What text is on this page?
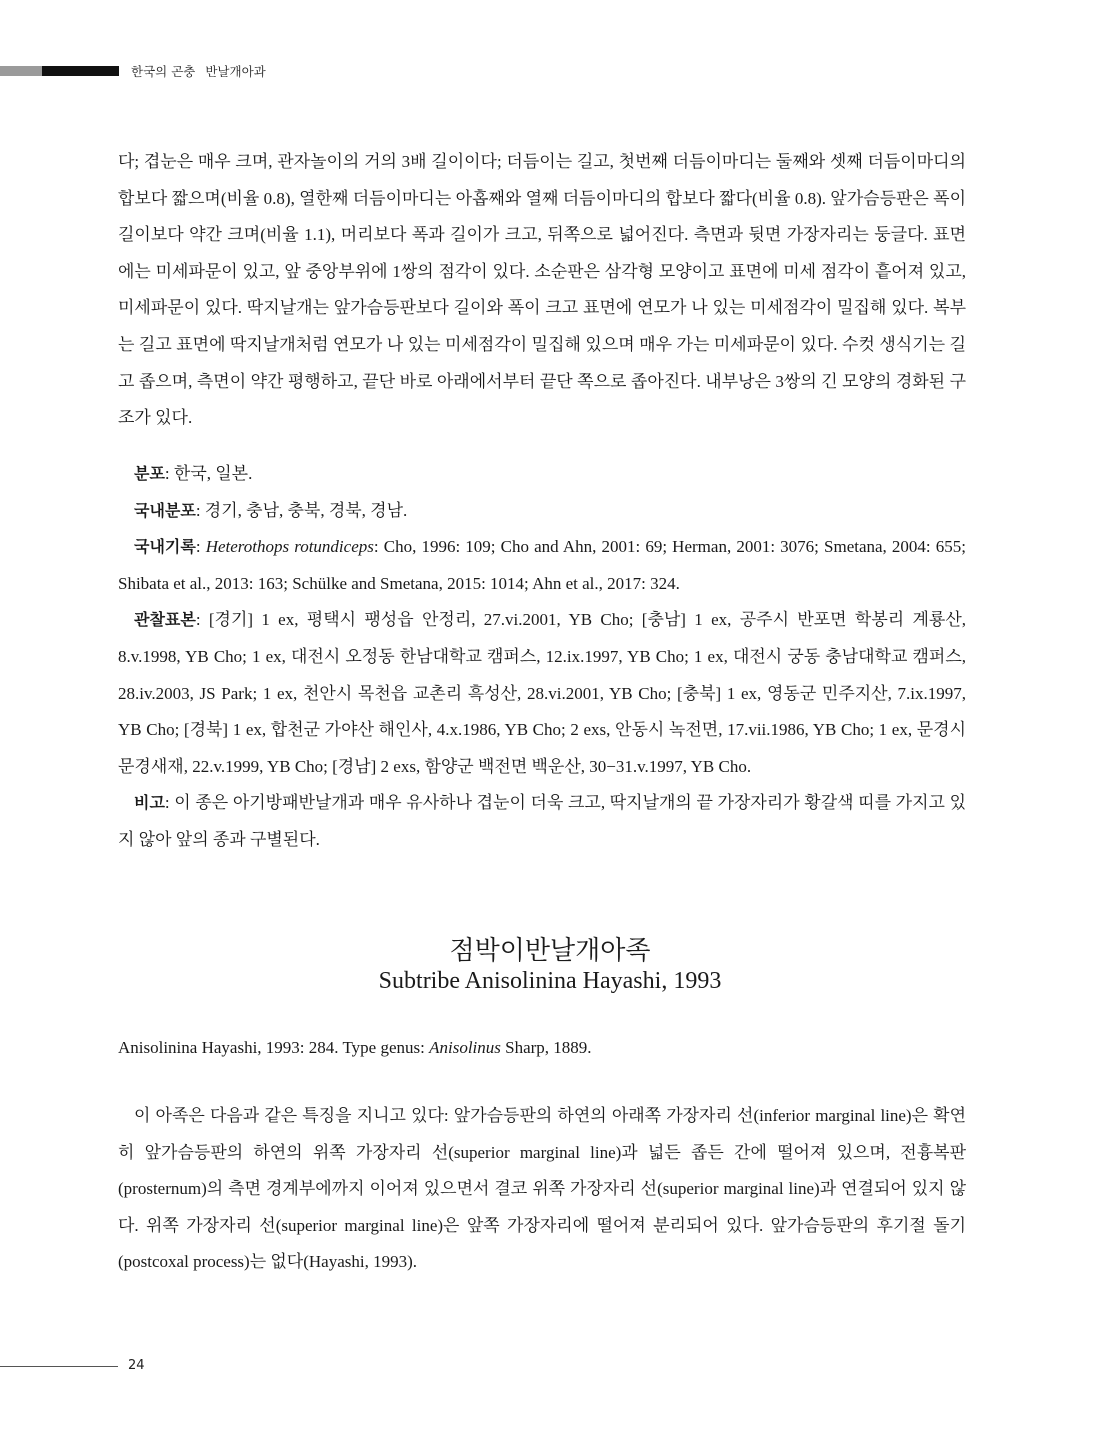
한국의 곤충 반날개아과

다; 겹눈은 매우 크며, 관자놀이의 거의 3배 길이이다; 더듬이는 길고, 첫번째 더듬이마디는 둘째와 셋째 더듬이마디의 합보다 짧으며(비율 0.8), 열한째 더듬이마디는 아홉째와 열째 더듬이마디의 합보다 짧다(비율 0.8). 앞가슴등판은 폭이 길이보다 약간 크며(비율 1.1), 머리보다 폭과 길이가 크고, 뒤쪽으로 넓어진다. 측면과 뒷면 가장자리는 둥글다. 표면에는 미세파문이 있고, 앞 중앙부위에 1쌍의 점각이 있다. 소순판은 삼각형 모양이고 표면에 미세 점각이 흩어져 있고, 미세파문이 있다. 딱지날개는 앞가슴등판보다 길이와 폭이 크고 표면에 연모가 나 있는 미세점각이 밀집해 있다. 복부는 길고 표면에 딱지날개처럼 연모가 나 있는 미세점각이 밀집해 있으며 매우 가는 미세파문이 있다. 수컷 생식기는 길고 좁으며, 측면이 약간 평행하고, 끝단 바로 아래에서부터 끝단 쪽으로 좁아진다. 내부낭은 3쌍의 긴 모양의 경화된 구조가 있다.

분포: 한국, 일본.

국내분포: 경기, 충남, 충북, 경북, 경남.

국내기록: Heterothops rotundiceps: Cho, 1996: 109; Cho and Ahn, 2001: 69; Herman, 2001: 3076; Smetana, 2004: 655; Shibata et al., 2013: 163; Schülke and Smetana, 2015: 1014; Ahn et al., 2017: 324.

관찰표본: [경기] 1 ex, 평택시 팽성읍 안정리, 27.vi.2001, YB Cho; [충남] 1 ex, 공주시 반포면 학봉리 계룡산, 8.v.1998, YB Cho; 1 ex, 대전시 오정동 한남대학교 캠퍼스, 12.ix.1997, YB Cho; 1 ex, 대전시 궁동 충남대학교 캠퍼스, 28.iv.2003, JS Park; 1 ex, 천안시 목천읍 교촌리 흑성산, 28.vi.2001, YB Cho; [충북] 1 ex, 영동군 민주지산, 7.ix.1997, YB Cho; [경북] 1 ex, 합천군 가야산 해인사, 4.x.1986, YB Cho; 2 exs, 안동시 녹전면, 17.vii.1986, YB Cho; 1 ex, 문경시 문경새재, 22.v.1999, YB Cho; [경남] 2 exs, 함양군 백전면 백운산, 30−31.v.1997, YB Cho.

비고: 이 종은 아기방패반날개과 매우 유사하나 겹눈이 더욱 크고, 딱지날개의 끝 가장자리가 황갈색 띠를 가지고 있지 않아 앞의 종과 구별된다.

점박이반날개아족
Subtribe Anisolinina Hayashi, 1993
Anisolinina Hayashi, 1993: 284. Type genus: Anisolinus Sharp, 1889.

이 아족은 다음과 같은 특징을 지니고 있다: 앞가슴등판의 하연의 아래쪽 가장자리 선(inferior marginal line)은 확연히 앞가슴등판의 하연의 위쪽 가장자리 선(superior marginal line)과 넓든 좁든 간에 떨어져 있으며, 전흉복판(prosternum)의 측면 경계부에까지 이어져 있으면서 결코 위쪽 가장자리 선(superior marginal line)과 연결되어 있지 않다. 위쪽 가장자리 선(superior marginal line)은 앞쪽 가장자리에 떨어져 분리되어 있다. 앞가슴등판의 후기절 돌기(postcoxal process)는 없다(Hayashi, 1993).

24
